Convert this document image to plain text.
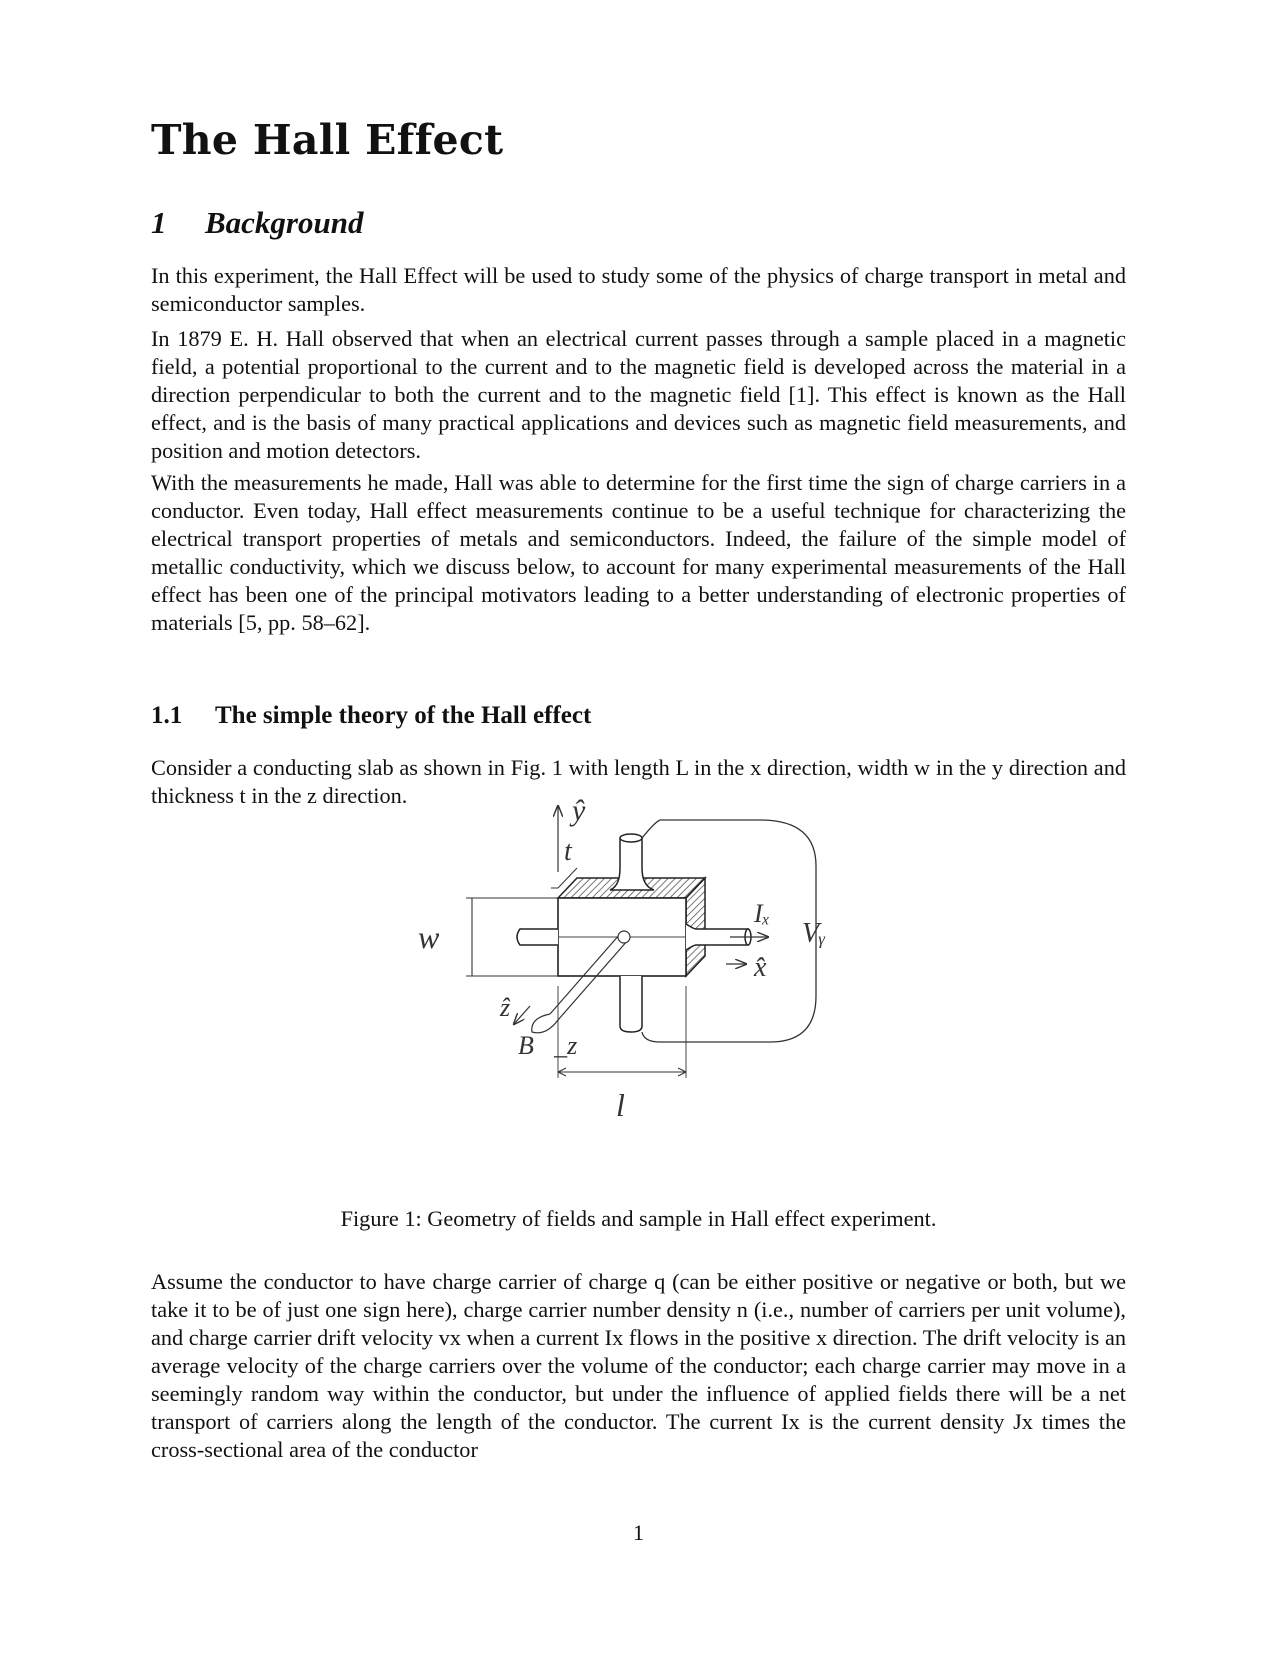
The Hall Effect
1 Background

In this experiment, the Hall Effect will be used to study some of the physics of charge transport in metal and semiconductor samples.

In 1879 E. H. Hall observed that when an electrical current passes through a sample placed in a magnetic field, a potential proportional to the current and to the magnetic field is developed across the material in a direction perpendicular to both the current and to the magnetic field [1]. This effect is known as the Hall effect, and is the basis of many practical applications and devices such as magnetic field measurements, and position and motion detectors.

With the measurements he made, Hall was able to determine for the first time the sign of charge carriers in a conductor. Even today, Hall effect measurements continue to be a useful technique for characterizing the electrical transport properties of metals and semiconductors. Indeed, the failure of the simple model of metallic conductivity, which we discuss below, to account for many experimental measurements of the Hall effect has been one of the principal motivators leading to a better understanding of electronic properties of materials [5, pp. 58–62].

1.1 The simple theory of the Hall effect

Consider a conducting slab as shown in Fig. 1 with length L in the x direction, width w in the y direction and thickness t in the z direction.

Figure 1: Geometry of fields and sample in Hall effect experiment.

Assume the conductor to have charge carrier of charge q (can be either positive or negative or both, but we take it to be of just one sign here), charge carrier number density n (i.e., number of carriers per unit volume), and charge carrier drift velocity vx when a current Ix flows in the positive x direction. The drift velocity is an average velocity of the charge carriers over the volume of the conductor; each charge carrier may move in a seemingly random way within the conductor, but under the influence of applied fields there will be a net transport of carriers along the length of the conductor. The current Ix is the current density Jx times the cross-sectional area of the conductor

1
ŷ
t
w
Iₓ
Vᵧ
x̂
ẑ
B⃗_z
l
